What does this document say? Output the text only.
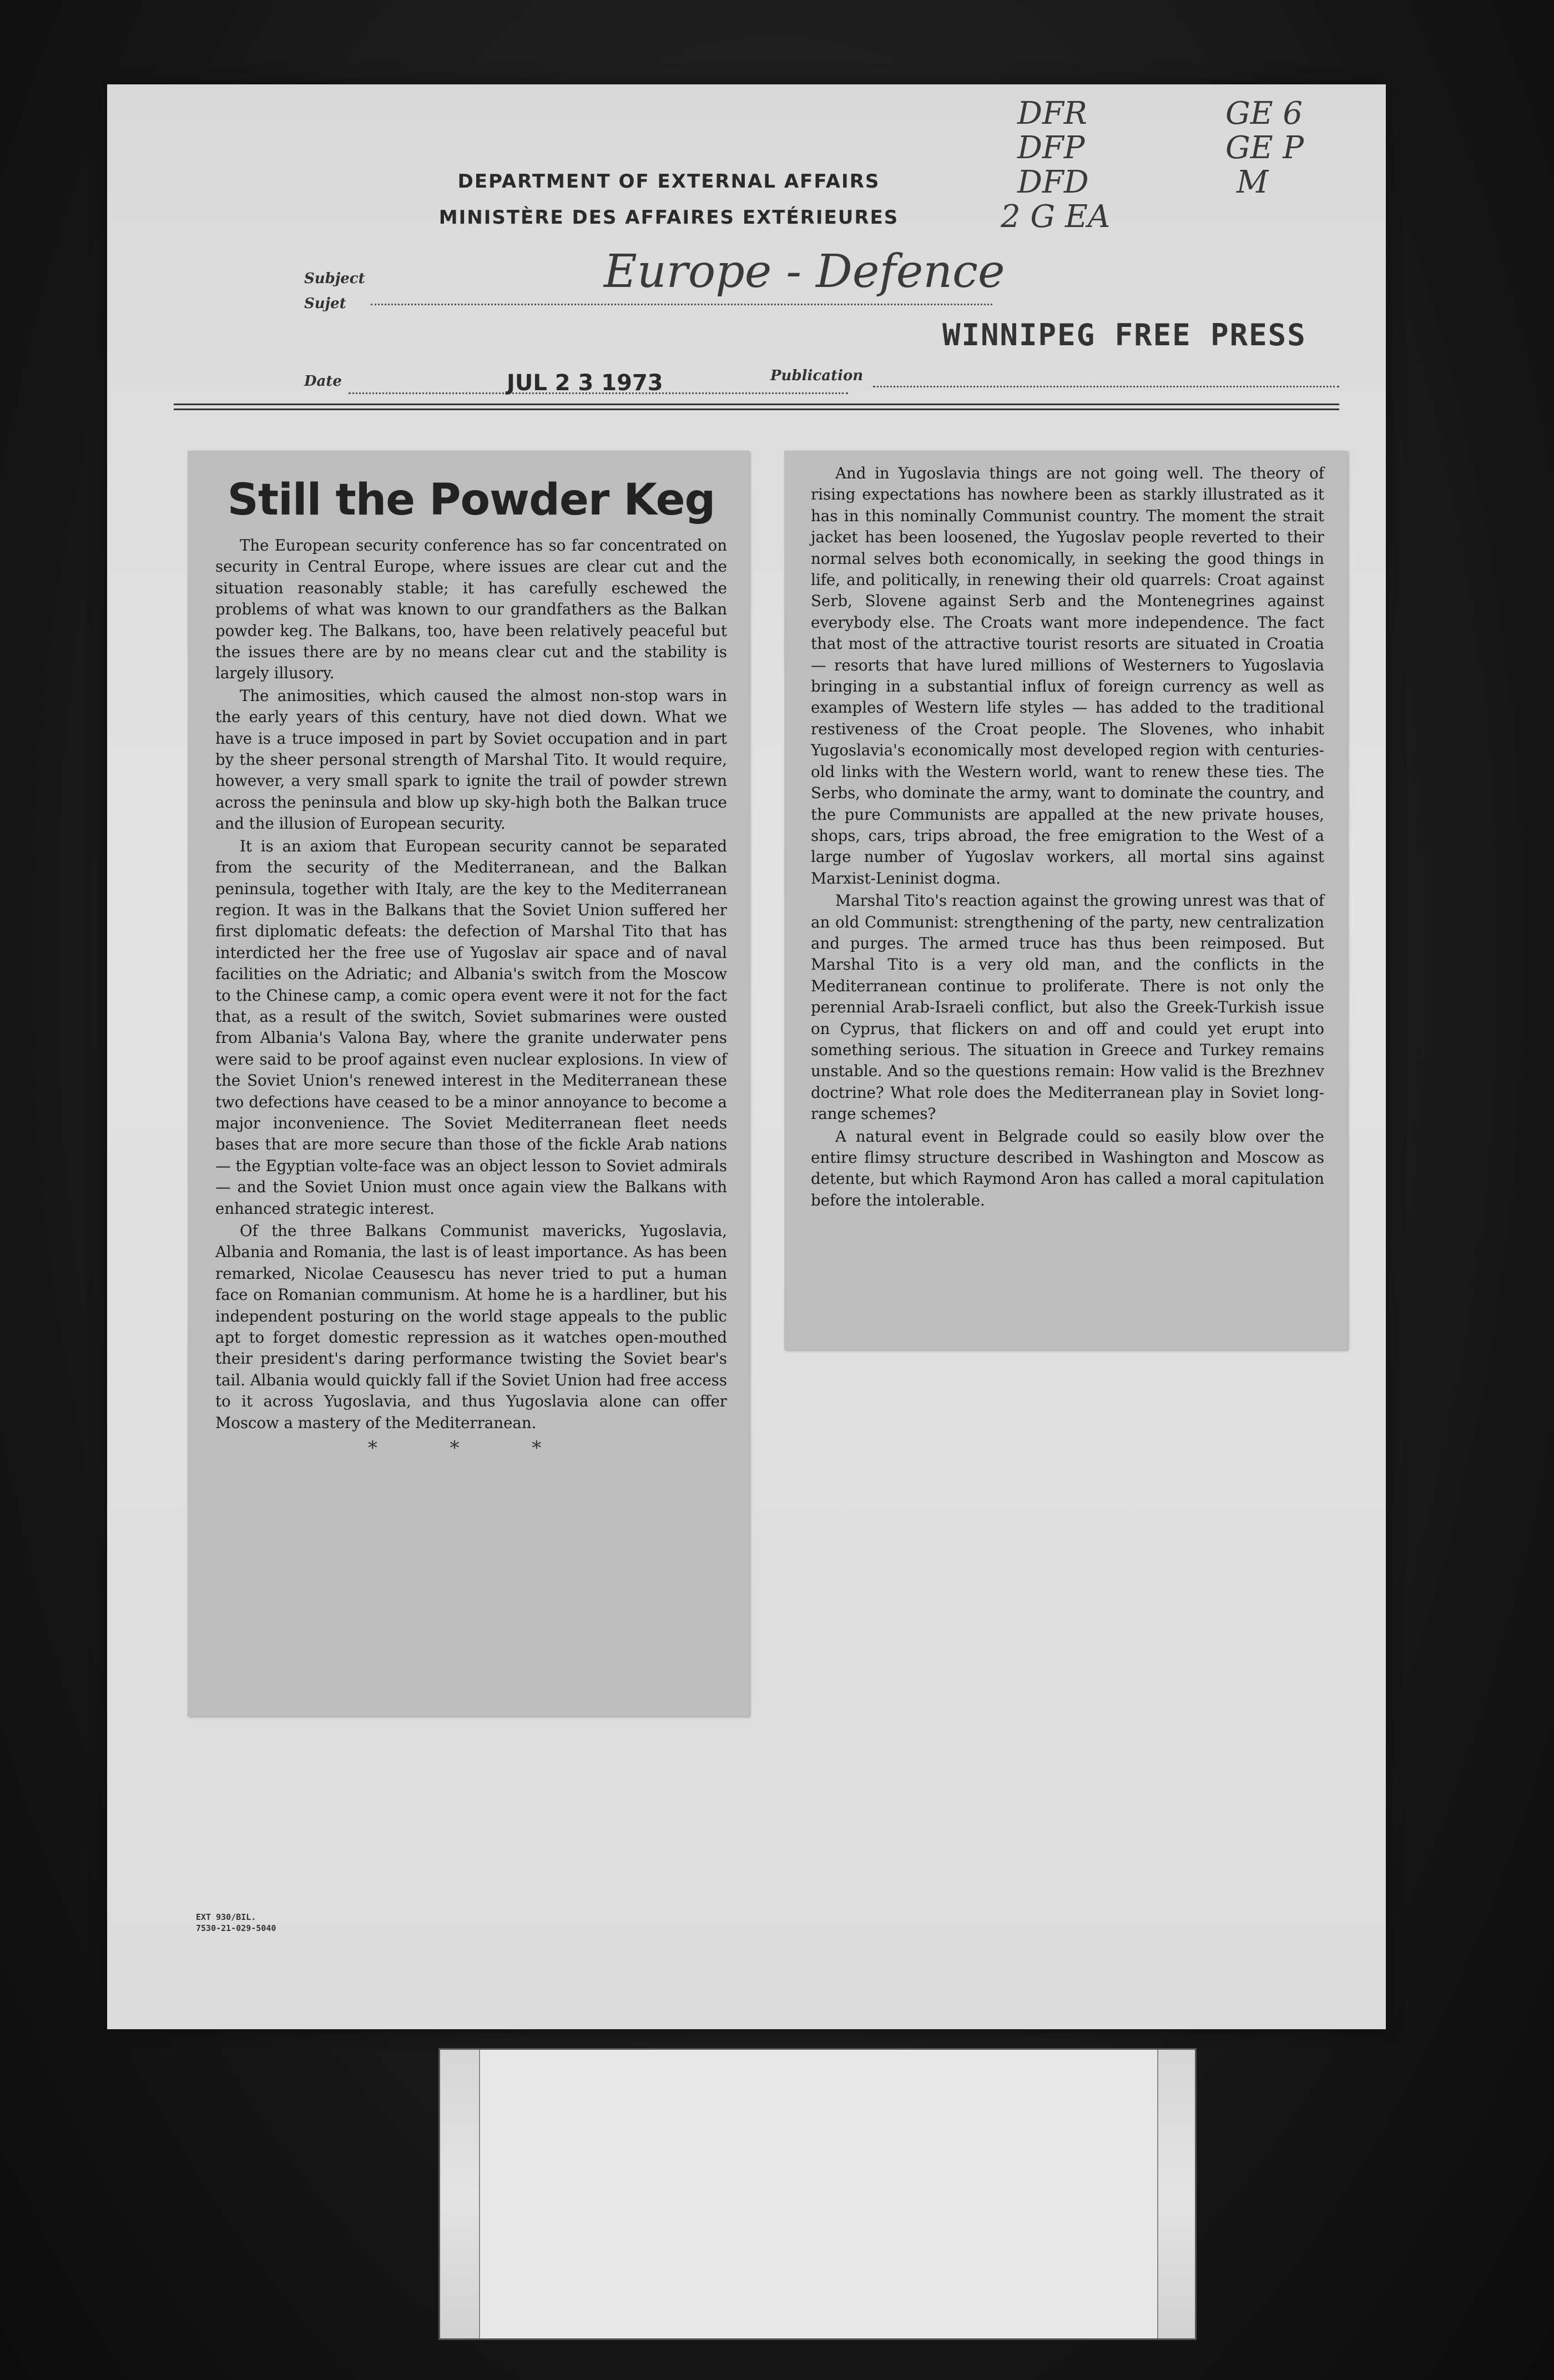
DEPARTMENT OF EXTERNAL AFFAIRS
MINISTÈRE DES AFFAIRES EXTÉRIEURES
DFR
DFP
DFD
2 G EA
GE 6
GE P
M
Subject
Sujet
Europe - Defence
WINNIPEG FREE PRESS
Date	JUL 2 3 1973	Publication
Still the Powder Keg

The European security conference has so far concentrated on security in Central Europe, where issues are clear cut and the situation reasonably stable; it has carefully eschewed the problems of what was known to our grandfathers as the Balkan powder keg. The Balkans, too, have been relatively peaceful but the issues there are by no means clear cut and the stability is largely illusory.

The animosities, which caused the almost non-stop wars in the early years of this century, have not died down. What we have is a truce imposed in part by Soviet occupation and in part by the sheer personal strength of Marshal Tito. It would require, however, a very small spark to ignite the trail of powder strewn across the peninsula and blow up sky-high both the Balkan truce and the illusion of European security.

It is an axiom that European security cannot be separated from the security of the Mediterranean, and the Balkan peninsula, together with Italy, are the key to the Mediterranean region. It was in the Balkans that the Soviet Union suffered her first diplomatic defeats: the defection of Marshal Tito that has interdicted her the free use of Yugoslav air space and of naval facilities on the Adriatic; and Albania's switch from the Moscow to the Chinese camp, a comic opera event were it not for the fact that, as a result of the switch, Soviet submarines were ousted from Albania's Valona Bay, where the granite underwater pens were said to be proof against even nuclear explosions. In view of the Soviet Union's renewed interest in the Mediterranean these two defections have ceased to be a minor annoyance to become a major inconvenience. The Soviet Mediterranean fleet needs bases that are more secure than those of the fickle Arab nations — the Egyptian volte-face was an object lesson to Soviet admirals — and the Soviet Union must once again view the Balkans with enhanced strategic interest.

Of the three Balkans Communist mavericks, Yugoslavia, Albania and Romania, the last is of least importance. As has been remarked, Nicolae Ceausescu has never tried to put a human face on Romanian communism. At home he is a hardliner, but his independent posturing on the world stage appeals to the public apt to forget domestic repression as it watches open-mouthed their president's daring performance twisting the Soviet bear's tail. Albania would quickly fall if the Soviet Union had free access to it across Yugoslavia, and thus Yugoslavia alone can offer Moscow a mastery of the Mediterranean.

* * *

And in Yugoslavia things are not going well. The theory of rising expectations has nowhere been as starkly illustrated as it has in this nominally Communist country. The moment the strait jacket has been loosened, the Yugoslav people reverted to their normal selves both economically, in seeking the good things in life, and politically, in renewing their old quarrels: Croat against Serb, Slovene against Serb and the Montenegrines against everybody else. The Croats want more independence. The fact that most of the attractive tourist resorts are situated in Croatia — resorts that have lured millions of Westerners to Yugoslavia bringing in a substantial influx of foreign currency as well as examples of Western life styles — has added to the traditional restiveness of the Croat people. The Slovenes, who inhabit Yugoslavia's economically most developed region with centuries-old links with the Western world, want to renew these ties. The Serbs, who dominate the army, want to dominate the country, and the pure Communists are appalled at the new private houses, shops, cars, trips abroad, the free emigration to the West of a large number of Yugoslav workers, all mortal sins against Marxist-Leninist dogma.

Marshal Tito's reaction against the growing unrest was that of an old Communist: strengthening of the party, new centralization and purges. The armed truce has thus been reimposed. But Marshal Tito is a very old man, and the conflicts in the Mediterranean continue to proliferate. There is not only the perennial Arab-Israeli conflict, but also the Greek-Turkish issue on Cyprus, that flickers on and off and could yet erupt into something serious. The situation in Greece and Turkey remains unstable. And so the questions remain: How valid is the Brezhnev doctrine? What role does the Mediterranean play in Soviet long-range schemes?

A natural event in Belgrade could so easily blow over the entire flimsy structure described in Washington and Moscow as detente, but which Raymond Aron has called a moral capitulation before the intolerable.

EXT 930/BIL.
7530-21-029-5040
